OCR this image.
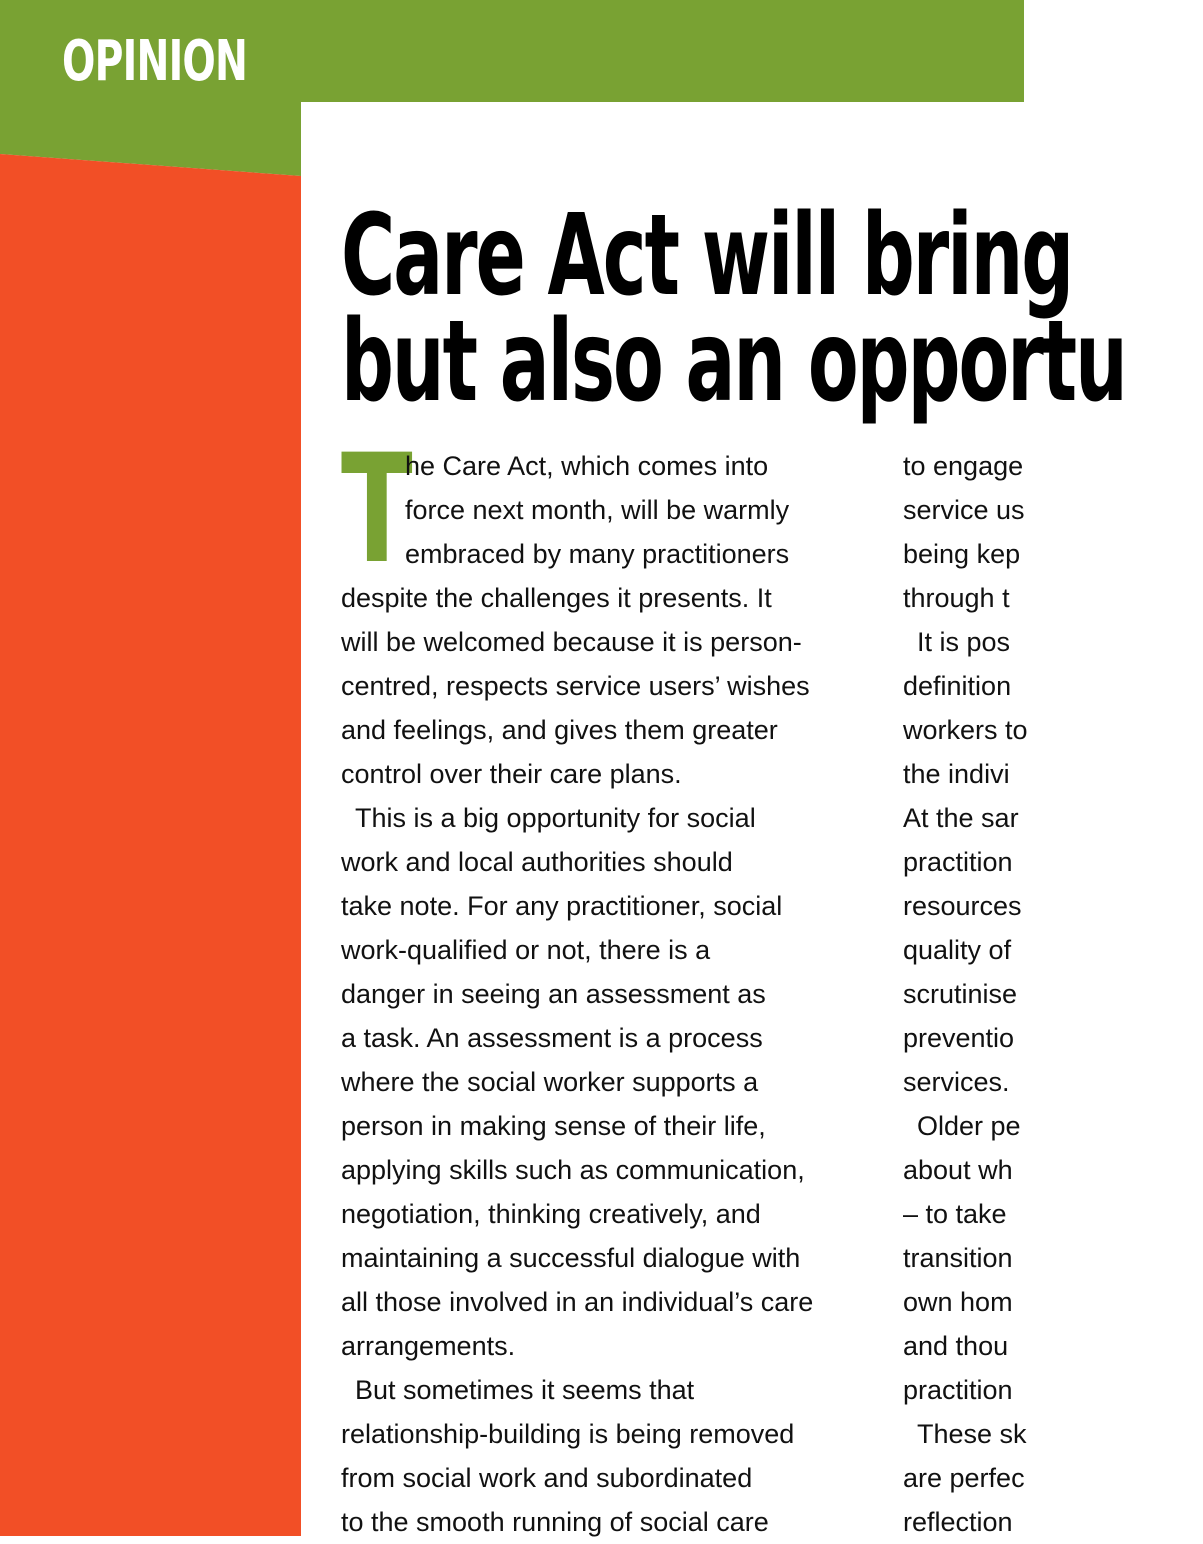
OPINION
Care Act will bring
but also an opportu
T
he Care Act, which comes into
force next month, will be warmly
embraced by many practitioners
despite the challenges it presents. It
will be welcomed because it is person-
centred, respects service users’ wishes
and feelings, and gives them greater
control over their care plans.
This is a big opportunity for social
work and local authorities should
take note. For any practitioner, social
work-qualified or not, there is a
danger in seeing an assessment as
a task. An assessment is a process
where the social worker supports a
person in making sense of their life,
applying skills such as communication,
negotiation, thinking creatively, and
maintaining a successful dialogue with
all those involved in an individual’s care
arrangements.
But sometimes it seems that
relationship-building is being removed
from social work and subordinated
to the smooth running of social care
to engage
service us
being kep
through t
It is pos
definition
workers to
the indivi
At the sar
practition
resources
quality of
scrutinise
preventio
services.
Older pe
about wh
– to take
transition
own hom
and thou
practition
These sk
are perfec
reflection
